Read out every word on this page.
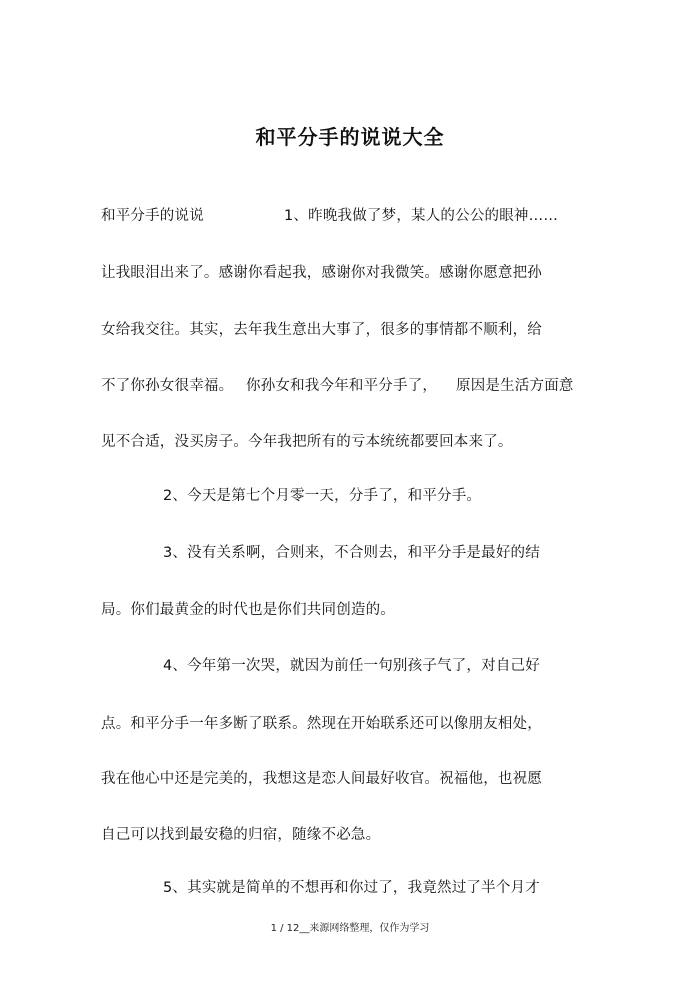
和平分手的说说大全
和平分手的说说	1、昨晚我做了梦，某人的公公的眼神……
让我眼泪出来了。感谢你看起我，感谢你对我微笑。感谢你愿意把孙
女给我交往。其实，去年我生意出大事了，很多的事情都不顺利，给
不了你孙女很幸福。 你孙女和我今年和平分手了， 原因是生活方面意
见不合适，没买房子。今年我把所有的亏本统统都要回本来了。
2、今天是第七个月零一天，分手了，和平分手。
3、没有关系啊，合则来，不合则去，和平分手是最好的结
局。你们最黄金的时代也是你们共同创造的。
4、今年第一次哭，就因为前任一句别孩子气了，对自己好
点。和平分手一年多断了联系。然现在开始联系还可以像朋友相处，
我在他心中还是完美的，我想这是恋人间最好收官。祝福他，也祝愿
自己可以找到最安稳的归宿，随缘不必急。
5、其实就是简单的不想再和你过了，我竟然过了半个月才
1 / 12__来源网络整理，仅作为学习
